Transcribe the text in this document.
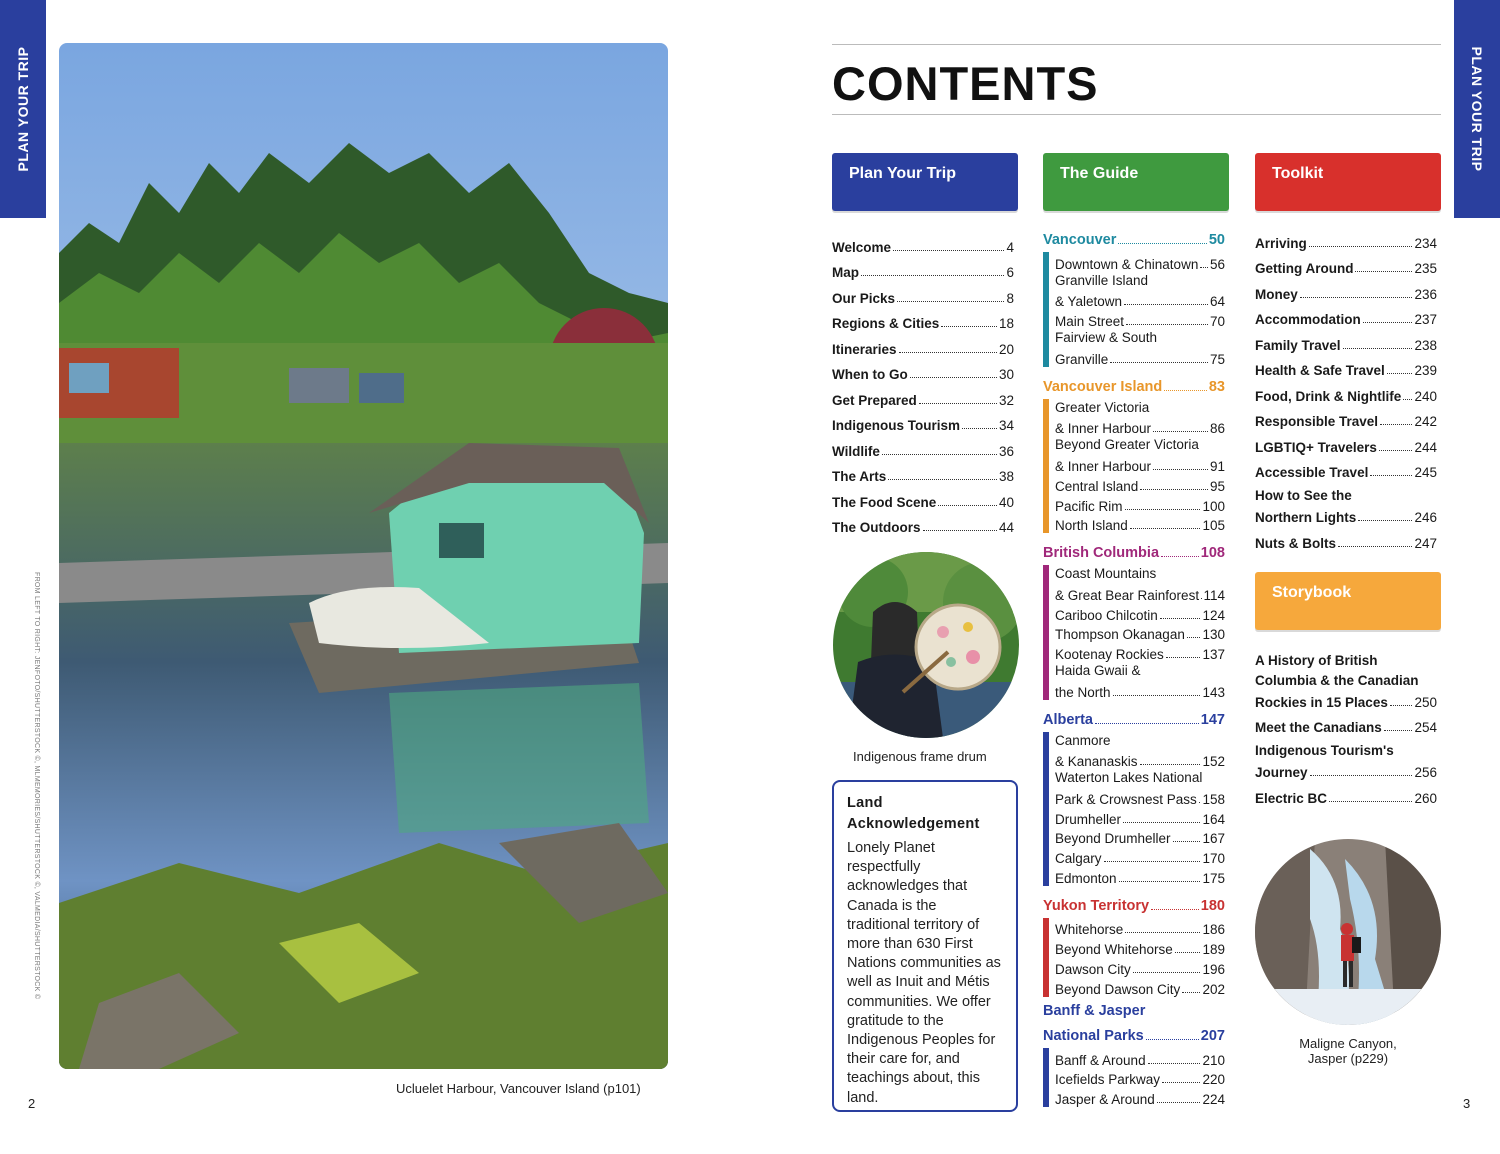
PLAN YOUR TRIP	PLAN YOUR TRIP
FROM LEFT TO RIGHT: JENFOTO/SHUTTERSTOCK ©, MLMEMORIES/SHUTTERSTOCK ©, VALMEDIA/SHUTTERSTOCK ©
2	3
Ucluelet Harbour, Vancouver Island (p101)
CONTENTS
Plan Your Trip	The Guide	Toolkit
Welcome	4
Map	6
Our Picks	8
Regions & Cities	18
Itineraries	20
When to Go	30
Get Prepared	32
Indigenous Tourism	34
Wildlife	36
The Arts	38
The Food Scene	40
The Outdoors	44
Indigenous frame drum
Land
Acknowledgement
Lonely Planet respectfully acknowledges that Canada is the traditional territory of more than 630 First Nations communities as well as Inuit and Métis communities. We offer gratitude to the Indigenous Peoples for their care for, and teachings about, this land.
Vancouver	50
Downtown & Chinatown 56
Granville Island
& Yaletown	64
Main Street	70
Fairview & South
Granville	75
Vancouver Island	83
Greater Victoria
& Inner Harbour	86
Beyond Greater Victoria
& Inner Harbour	91
Central Island	95
Pacific Rim	100
North Island	105
British Columbia	108
Coast Mountains
& Great Bear Rainforest 114
Cariboo Chilcotin	124
Thompson Okanagan 130
Kootenay Rockies	137
Haida Gwaii &
the North	143
Alberta	147
Canmore
& Kananaskis	152
Waterton Lakes National
Park & Crowsnest Pass 158
Drumheller	164
Beyond Drumheller 167
Calgary	170
Edmonton	175
Yukon Territory	180
Whitehorse	186
Beyond Whitehorse 189
Dawson City	196
Beyond Dawson City 202
Banff & Jasper
National Parks	207
Banff & Around	210
Icefields Parkway	220
Jasper & Around	224
Arriving	234
Getting Around	235
Money	236
Accommodation	237
Family Travel	238
Health & Safe Travel 239
Food, Drink & Nightlife 240
Responsible Travel	242
LGBTIQ+ Travelers	244
Accessible Travel	245
How to See the
Northern Lights	246
Nuts & Bolts	247
Storybook
A History of British
Columbia & the Canadian
Rockies in 15 Places 250
Meet the Canadians 254
Indigenous Tourism's
Journey	256
Electric BC	260
Maligne Canyon,
Jasper (p229)
